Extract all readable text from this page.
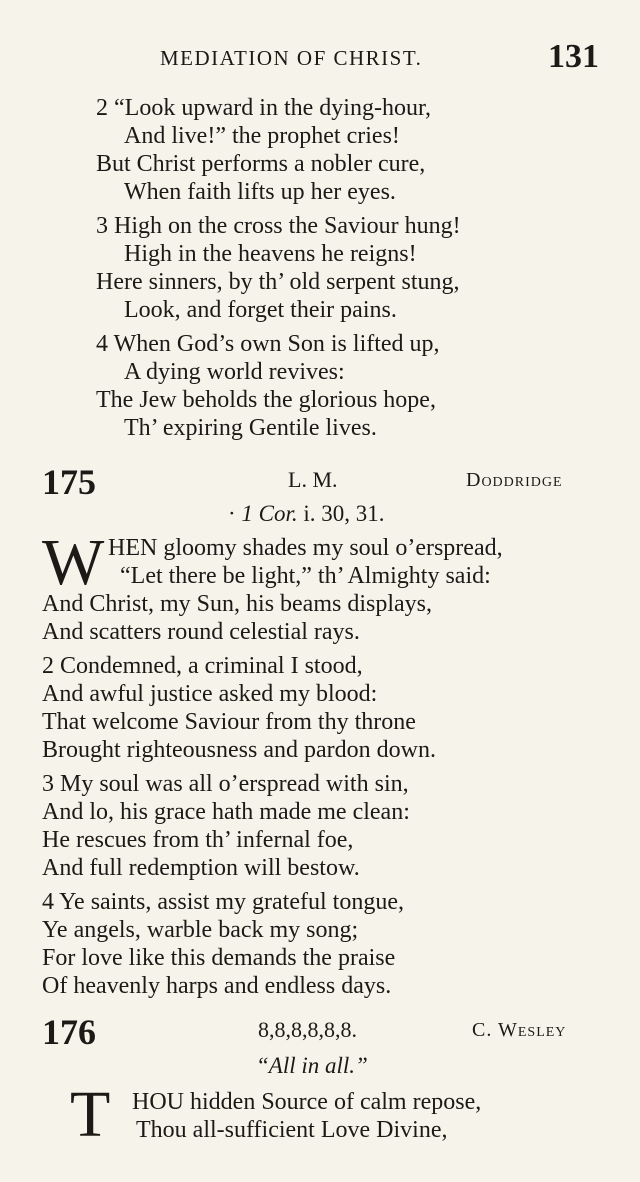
MEDIATION OF CHRIST.	131
2 “Look upward in the dying-hour,
And live!” the prophet cries!
But Christ performs a nobler cure,
When faith lifts up her eyes.
3 High on the cross the Saviour hung!
High in the heavens he reigns!
Here sinners, by th’ old serpent stung,
Look, and forget their pains.
4 When God’s own Son is lifted up,
A dying world revives:
The Jew beholds the glorious hope,
Th’ expiring Gentile lives.
175	L. M.	Doddridge
· 1 Cor. i. 30, 31.
W HEN gloomy shades my soul o’erspread,
“Let there be light,” th’ Almighty said:
And Christ, my Sun, his beams displays,
And scatters round celestial rays.
2 Condemned, a criminal I stood,
And awful justice asked my blood:
That welcome Saviour from thy throne
Brought righteousness and pardon down.
3 My soul was all o’erspread with sin,
And lo, his grace hath made me clean:
He rescues from th’ infernal foe,
And full redemption will bestow.
4 Ye saints, assist my grateful tongue,
Ye angels, warble back my song;
For love like this demands the praise
Of heavenly harps and endless days.
176	8,8,8,8,8,8.	C. Wesley
“All in all.”
T HOU hidden Source of calm repose,
Thou all-sufficient Love Divine,
